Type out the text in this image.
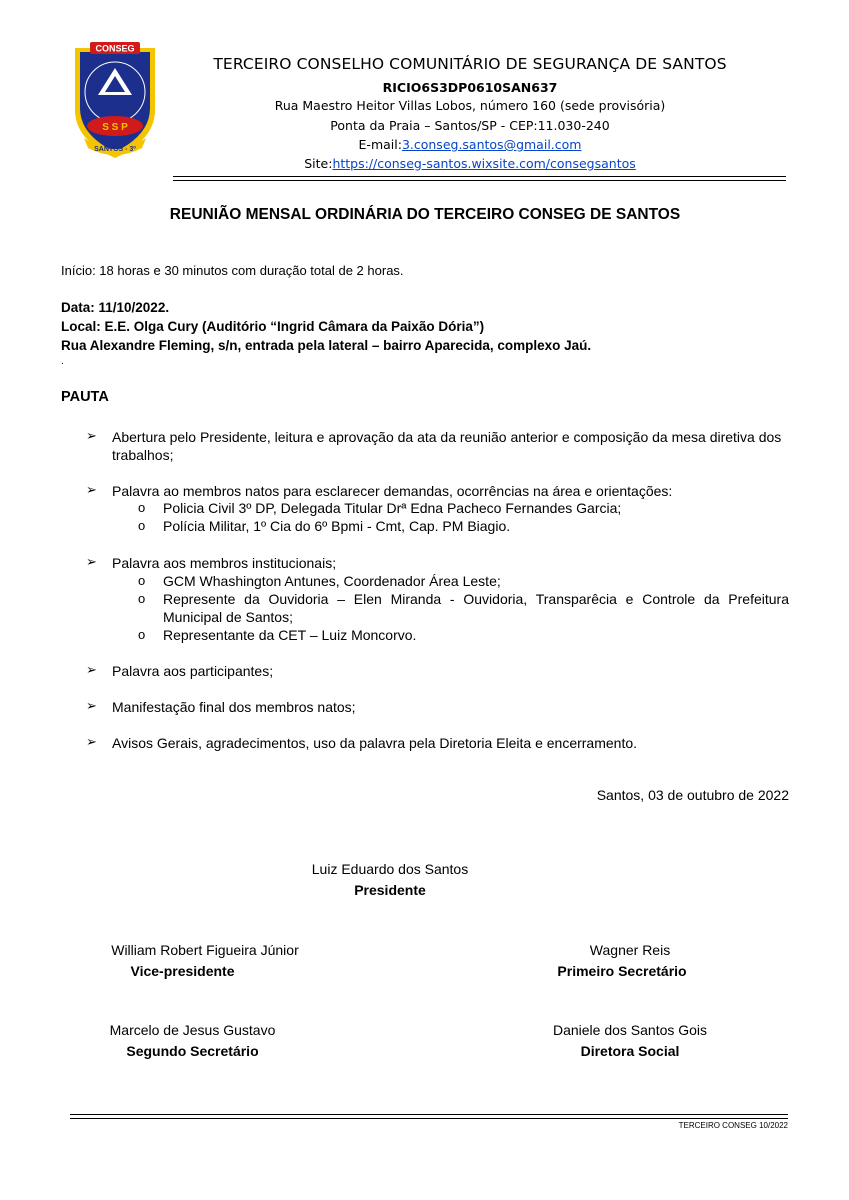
CONSEG
S S P
SANTOS - 3º
TERCEIRO CONSELHO COMUNITÁRIO DE SEGURANÇA DE SANTOS
RICIO6S3DP0610SAN637
Rua Maestro Heitor Villas Lobos, número 160 (sede provisória)
Ponta da Praia – Santos/SP - CEP:11.030-240
E-mail:3.conseg.santos@gmail.com
Site:https://conseg-santos.wixsite.com/consegsantos
REUNIÃO MENSAL ORDINÁRIA DO TERCEIRO CONSEG DE SANTOS
Início: 18 horas e 30 minutos com duração total de 2 horas.
Data: 11/10/2022.
Local: E.E. Olga Cury (Auditório “Ingrid Câmara da Paixão Dória”)
Rua Alexandre Fleming, s/n, entrada pela lateral – bairro Aparecida, complexo Jaú.
.
PAUTA
➢ Abertura pelo Presidente, leitura e aprovação da ata da reunião anterior e composição da mesa diretiva dos trabalhos;
➢ Palavra ao membros natos para esclarecer demandas, ocorrências na área e orientações:
o Policia Civil 3º DP, Delegada Titular Drª Edna Pacheco Fernandes Garcia;
o Polícia Militar, 1º Cia do 6º Bpmi - Cmt, Cap. PM Biagio.
➢ Palavra aos membros institucionais;
o GCM Whashington Antunes, Coordenador Área Leste;
o Represente da Ouvidoria – Elen Miranda - Ouvidoria, Transparêcia e Controle da Prefeitura Municipal de Santos;
o Representante da CET – Luiz Moncorvo.
➢ Palavra aos participantes;
➢ Manifestação final dos membros natos;
➢ Avisos Gerais, agradecimentos, uso da palavra pela Diretoria Eleita e encerramento.
Santos, 03 de outubro de 2022
Luiz Eduardo dos Santos
Presidente
William Robert Figueira Júnior
Vice-presidente
Wagner Reis
Primeiro Secretário
Marcelo de Jesus Gustavo
Segundo Secretário
Daniele dos Santos Gois
Diretora Social
TERCEIRO CONSEG 10/2022
